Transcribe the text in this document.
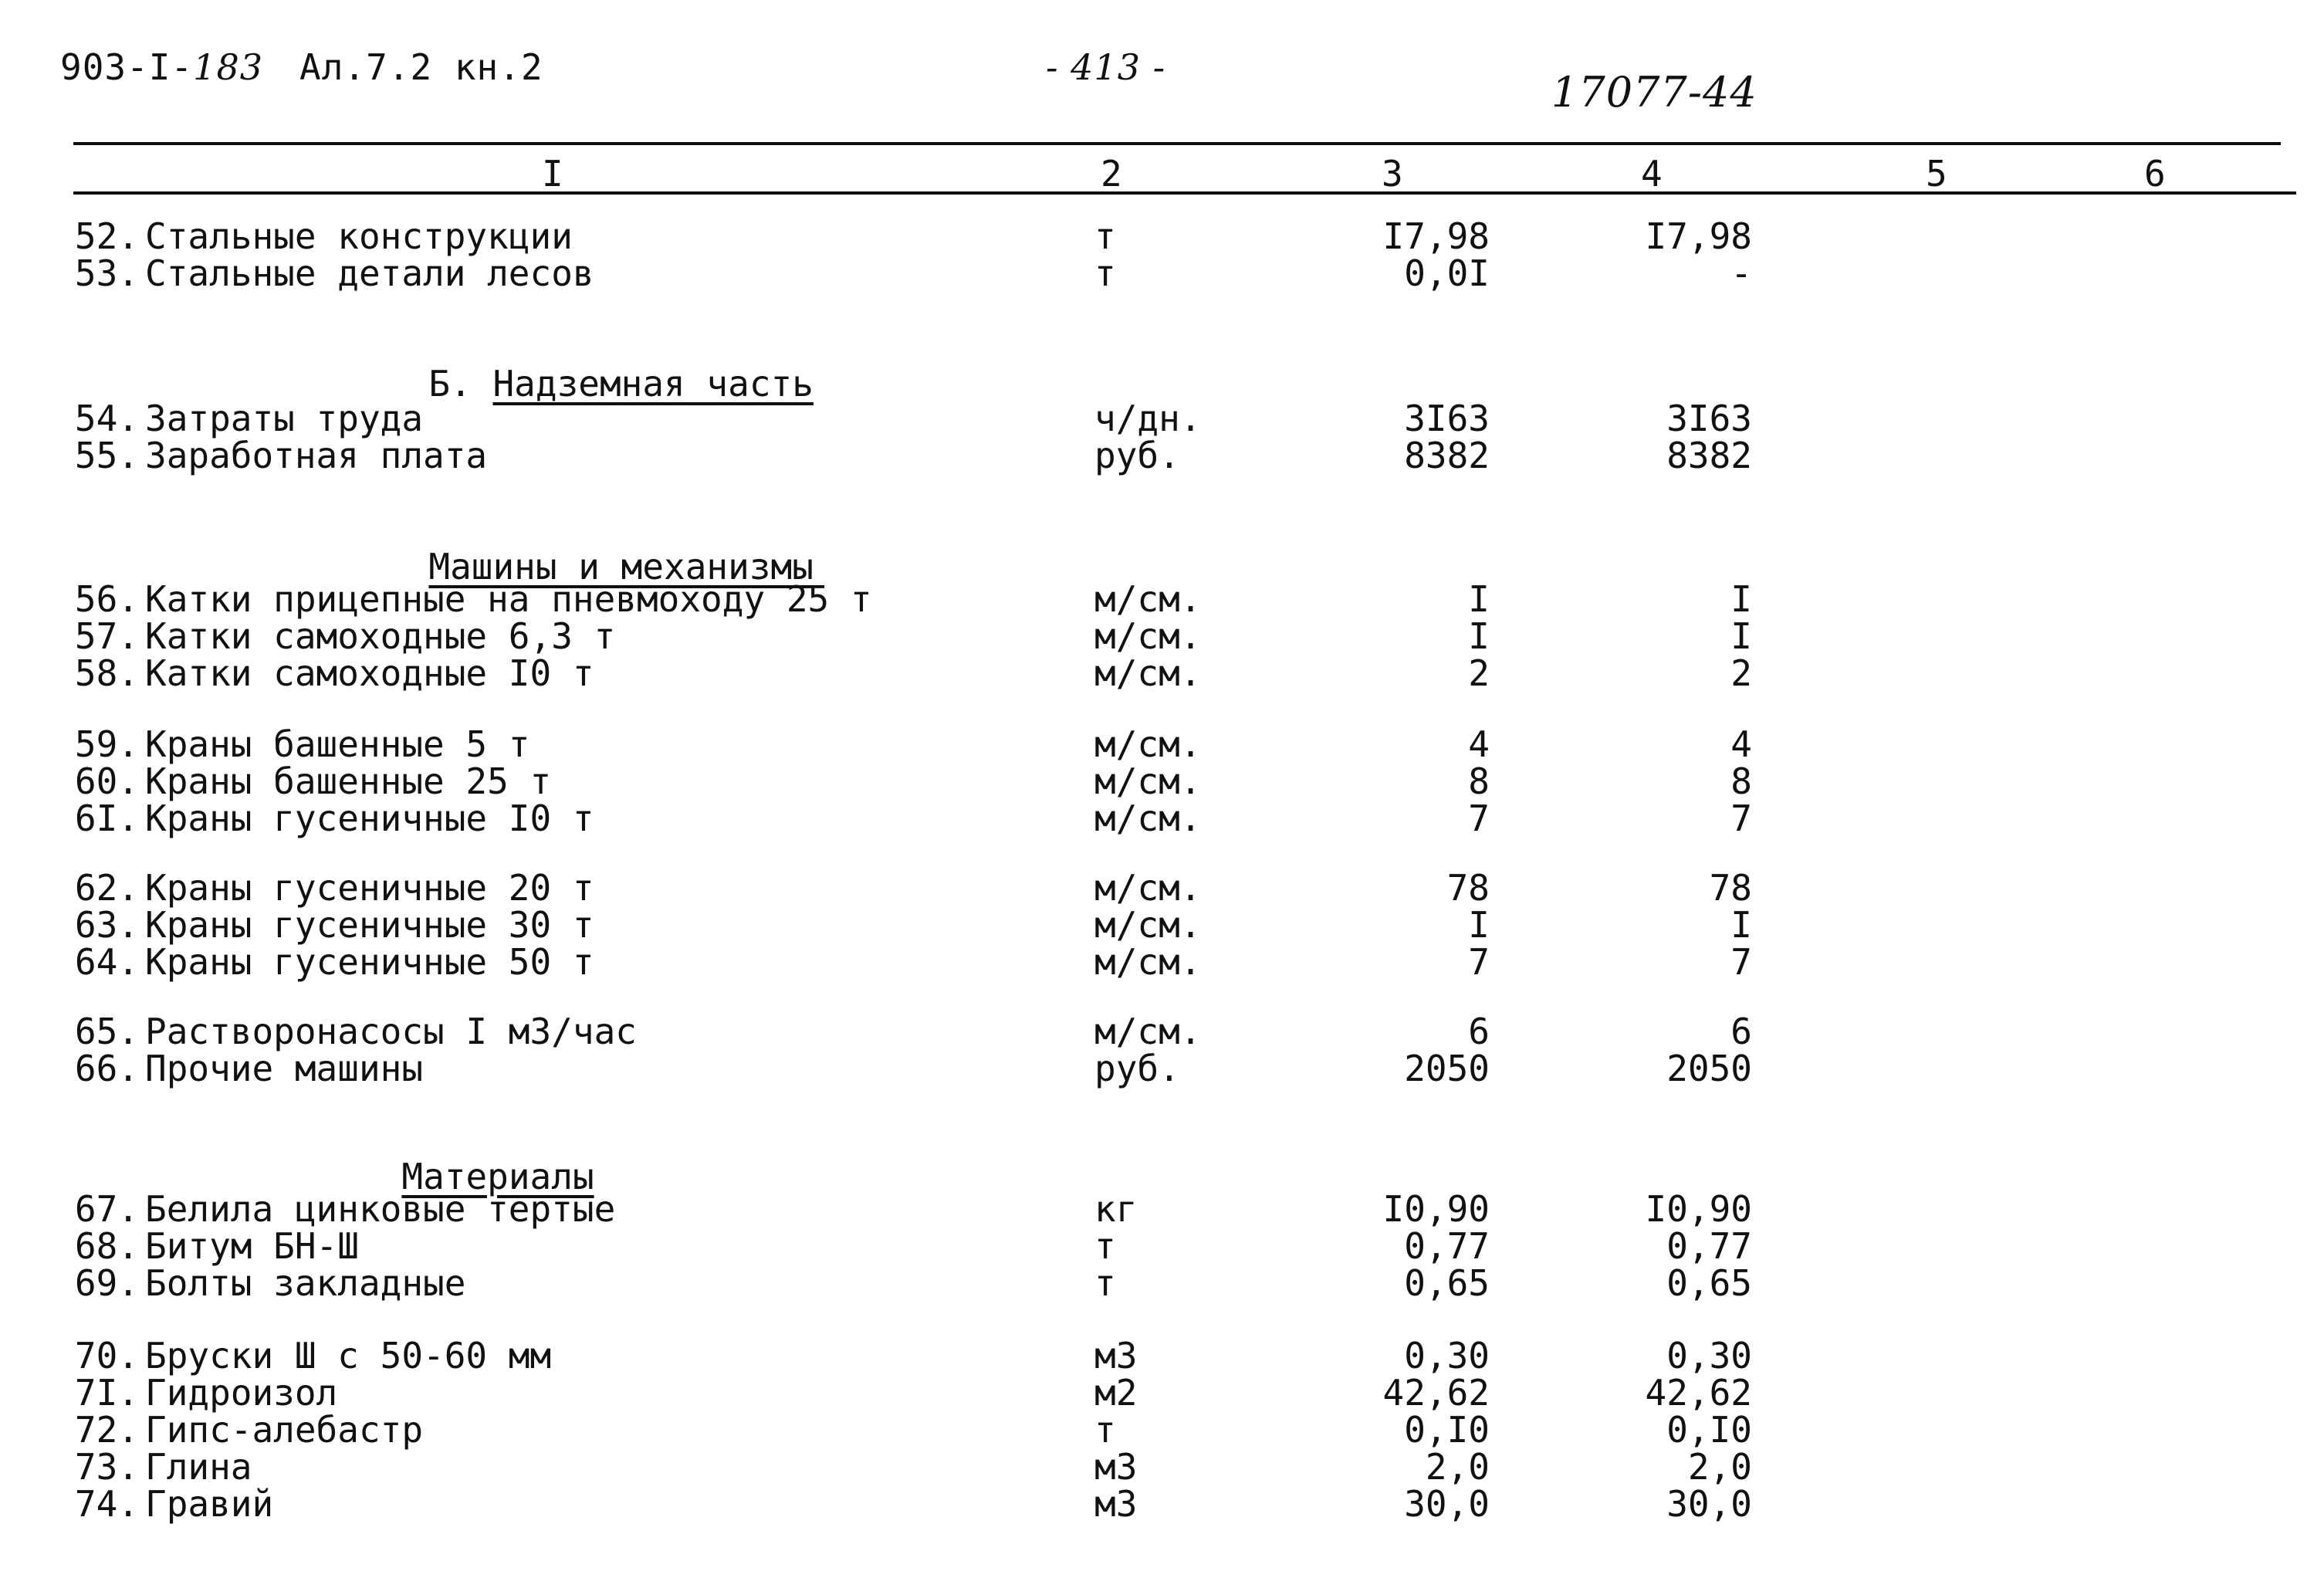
903-I-183 Ал.7.2 кн.2	- 413 -
17077-44
I	2	3	4	5	6
52. Стальные конструкции	т	I7,98	I7,98
53. Стальные детали лесов	т	0,0I	-

Б. Надземная часть

54. Затраты труда	ч/дн.	3I63	3I63
55. Заработная плата	руб.	8382	8382

Машины и механизмы

56. Катки прицепные на пневмоходу 25 т	м/см.	I	I
57. Катки самоходные 6,3 т	м/см.	I	I
58. Катки самоходные I0 т	м/см.	2	2
59. Краны башенные 5 т	м/см.	4	4
60. Краны башенные 25 т	м/см.	8	8
6I. Краны гусеничные I0 т	м/см.	7	7
62. Краны гусеничные 20 т	м/см.	78	78
63. Краны гусеничные 30 т	м/см.	I	I
64. Краны гусеничные 50 т	м/см.	7	7
65. Растворонасосы I м3/час	м/см.	6	6
66. Прочие машины	руб.	2050	2050

Материалы

67. Белила цинковые тертые	кг	I0,90	I0,90
68. Битум БН-Ш	т	0,77	0,77
69. Болты закладные	т	0,65	0,65
70. Бруски Ш с 50-60 мм	м3	0,30	0,30
7I. Гидроизол	м2	42,62	42,62
72. Гипс-алебастр	т	0,I0	0,I0
73. Глина	м3	2,0	2,0
74. Гравий	м3	30,0	30,0
